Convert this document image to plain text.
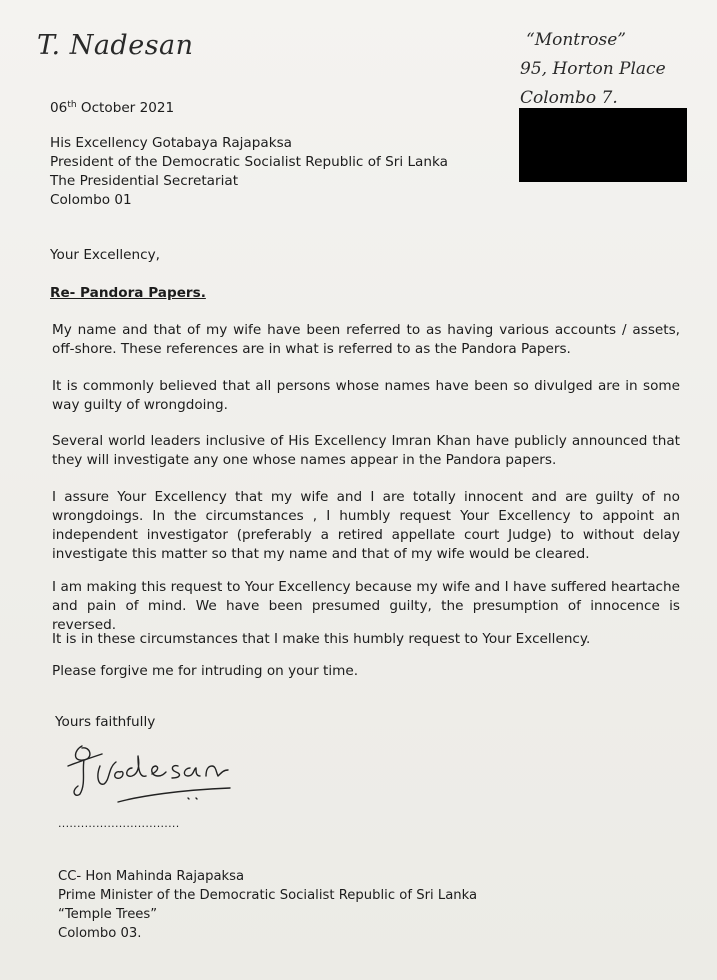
T. Nadesan	“Montrose”
95, Horton Place
Colombo 7.
06th October 2021
His Excellency Gotabaya Rajapaksa
President of the Democratic Socialist Republic of Sri Lanka
The Presidential Secretariat
Colombo 01
Your Excellency,
Re- Pandora Papers.
My name and that of my wife have been referred to as having various accounts / assets, off-shore. These references are in what is referred to as the Pandora Papers.
It is commonly believed that all persons whose names have been so divulged are in some way guilty of wrongdoing.
Several world leaders inclusive of His Excellency Imran Khan have publicly announced that they will investigate any one whose names appear in the Pandora papers.
I assure Your Excellency that my wife and I are totally innocent and are guilty of no wrongdoings. In the circumstances , I humbly request Your Excellency to appoint an independent investigator (preferably a retired appellate court Judge) to without delay investigate this matter so that my name and that of my wife would be cleared.
I am making this request to Your Excellency because my wife and I have suffered heartache and pain of mind. We have been presumed guilty, the presumption of innocence is reversed.
It is in these circumstances that I make this humbly request to Your Excellency.
Please forgive me for intruding on your time.
Yours faithfully
................................
CC- Hon Mahinda Rajapaksa
Prime Minister of the Democratic Socialist Republic of Sri Lanka
“Temple Trees”
Colombo 03.
